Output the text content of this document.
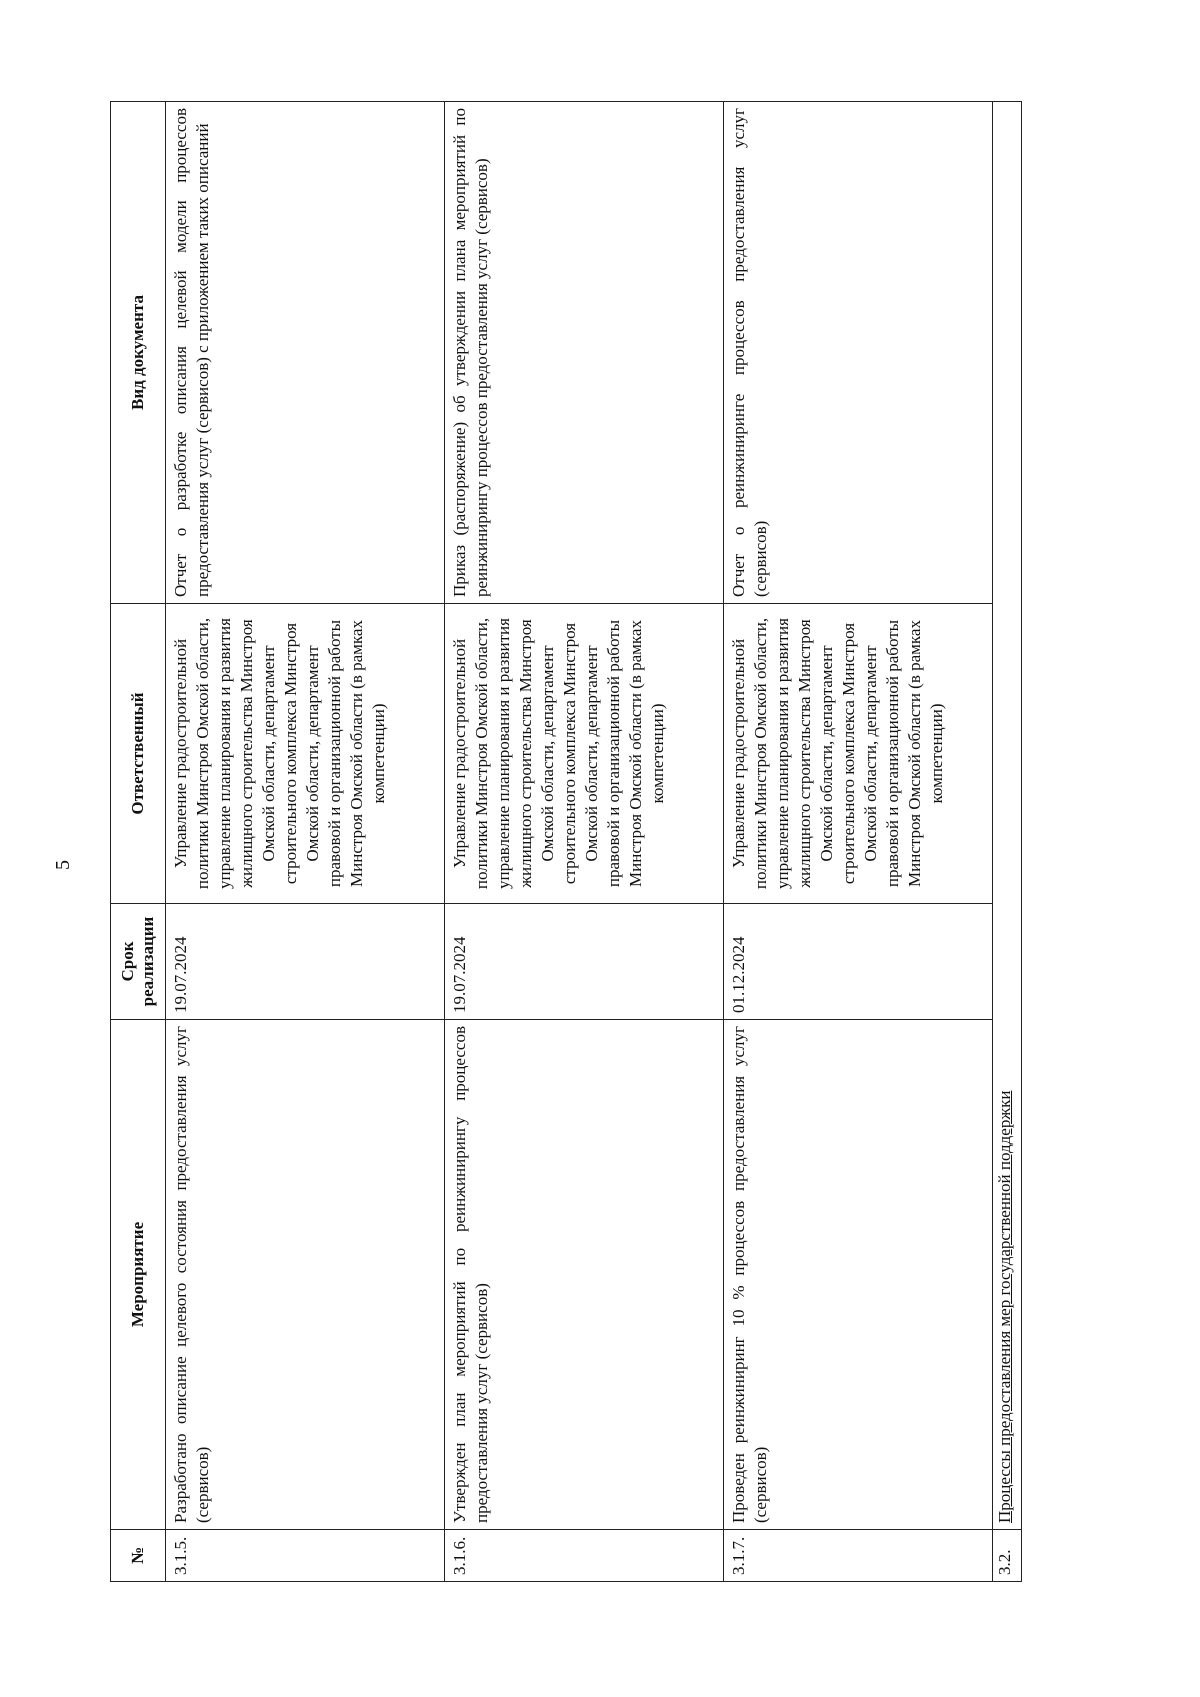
5
№	Мероприятие	Срок реализации	Ответственный	Вид документа
3.1.5.	Разработано описание целевого состояния предоставления услуг (сервисов)	19.07.2024	Управление градостроительной политики Минстроя Омской области, управление планирования и развития жилищного строительства Минстроя Омской области, департамент строительного комплекса Минстроя Омской области, департамент правовой и организационной работы Минстроя Омской области (в рамках компетенции)	Отчет о разработке описания целевой модели процессов предоставления услуг (сервисов) с приложением таких описаний
3.1.6.	Утвержден план мероприятий по реинжинирингу процессов предоставления услуг (сервисов)	19.07.2024	Управление градостроительной политики Минстроя Омской области, управление планирования и развития жилищного строительства Минстроя Омской области, департамент строительного комплекса Минстроя Омской области, департамент правовой и организационной работы Минстроя Омской области (в рамках компетенции)	Приказ (распоряжение) об утверждении плана мероприятий по реинжинирингу процессов предоставления услуг (сервисов)
3.1.7.	Проведен реинжиниринг 10 % процессов предоставления услуг (сервисов)	01.12.2024	Управление градостроительной политики Минстроя Омской области, управление планирования и развития жилищного строительства Минстроя Омской области, департамент строительного комплекса Минстроя Омской области, департамент правовой и организационной работы Минстроя Омской области (в рамках компетенции)	Отчет о реинжиниринге процессов предоставления услуг (сервисов)
3.2.	Процессы предоставления мер государственной поддержки			
